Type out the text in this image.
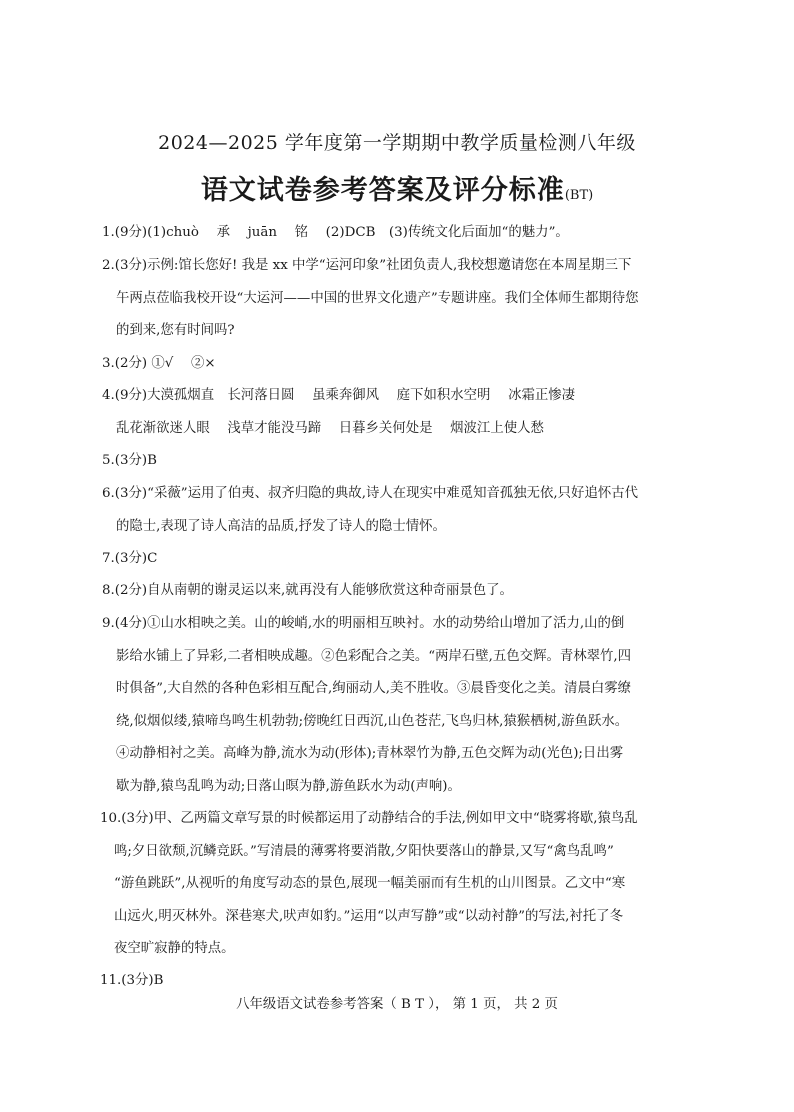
2024—2025 学年度第一学期期中教学质量检测八年级
语文试卷参考答案及评分标准(BT)
1.(9分)(1)chuò　 承 　juān 　铭 　(2)DCB　(3)传统文化后面加“的魅力”。
2.(3分)示例:馆长您好! 我是 xx 中学“运河印象”社团负责人,我校想邀请您在本周星期三下
午两点莅临我校开设“大运河——中国的世界文化遗产”专题讲座。我们全体师生都期待您
的到来,您有时间吗?
3.(2分) ①√　 ②×
4.(9分)大漠孤烟直　长河落日圆　 虽乘奔御风　 庭下如积水空明　 冰霜正惨凄
乱花渐欲迷人眼　 浅草才能没马蹄　 日暮乡关何处是　 烟波江上使人愁
5.(3分)B
6.(3分)“采薇”运用了伯夷、叔齐归隐的典故,诗人在现实中难觅知音孤独无依,只好追怀古代
的隐士,表现了诗人高洁的品质,抒发了诗人的隐士情怀。
7.(3分)C
8.(2分)自从南朝的谢灵运以来,就再没有人能够欣赏这种奇丽景色了。
9.(4分)①山水相映之美。山的峻峭,水的明丽相互映衬。水的动势给山增加了活力,山的倒
影给水铺上了异彩,二者相映成趣。②色彩配合之美。“两岸石壁,五色交辉。青林翠竹,四
时俱备”,大自然的各种色彩相互配合,绚丽动人,美不胜收。③晨昏变化之美。清晨白雾缭
绕,似烟似缕,猿啼鸟鸣生机勃勃;傍晚红日西沉,山色苍茫,飞鸟归林,猿猴栖树,游鱼跃水。
④动静相衬之美。高峰为静,流水为动(形体);青林翠竹为静,五色交辉为动(光色);日出雾
歇为静,猿鸟乱鸣为动;日落山暝为静,游鱼跃水为动(声响)。
10.(3分)甲、乙两篇文章写景的时候都运用了动静结合的手法,例如甲文中“晓雾将歇,猿鸟乱
鸣;夕日欲颓,沉鳞竞跃。”写清晨的薄雾将要消散,夕阳快要落山的静景,又写“禽鸟乱鸣”
“游鱼跳跃”,从视听的角度写动态的景色,展现一幅美丽而有生机的山川图景。乙文中“寒
山远火,明灭林外。深巷寒犬,吠声如豹。”运用“以声写静”或“以动衬静”的写法,衬托了冬
夜空旷寂静的特点。
11.(3分)B
八年级语文试卷参考答案（ B T ）， 第 1 页， 共 2 页
